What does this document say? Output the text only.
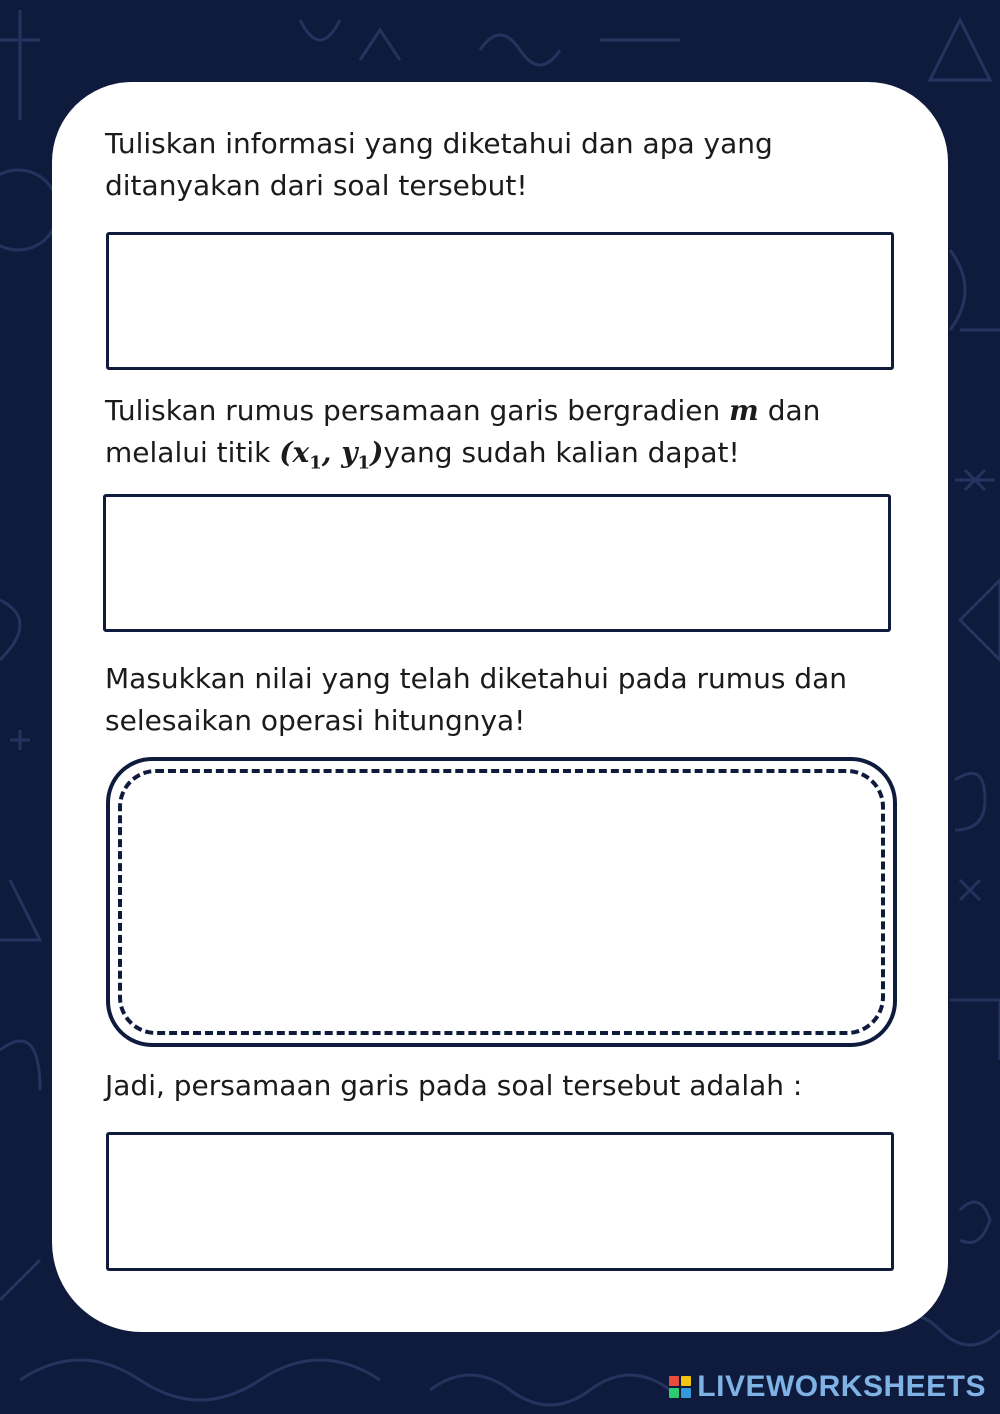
Tuliskan informasi yang diketahui dan apa yang ditanyakan dari soal tersebut!

Tuliskan rumus persamaan garis bergradien m dan melalui titik ($x_1$, $y_1)yang$ sudah kalian dapat!

Masukkan nilai yang telah diketahui pada rumus dan selesaikan operasi hitungnya!

Jadi, persamaan garis pada soal tersebut adalah :

LIVEWORKSHEETS
